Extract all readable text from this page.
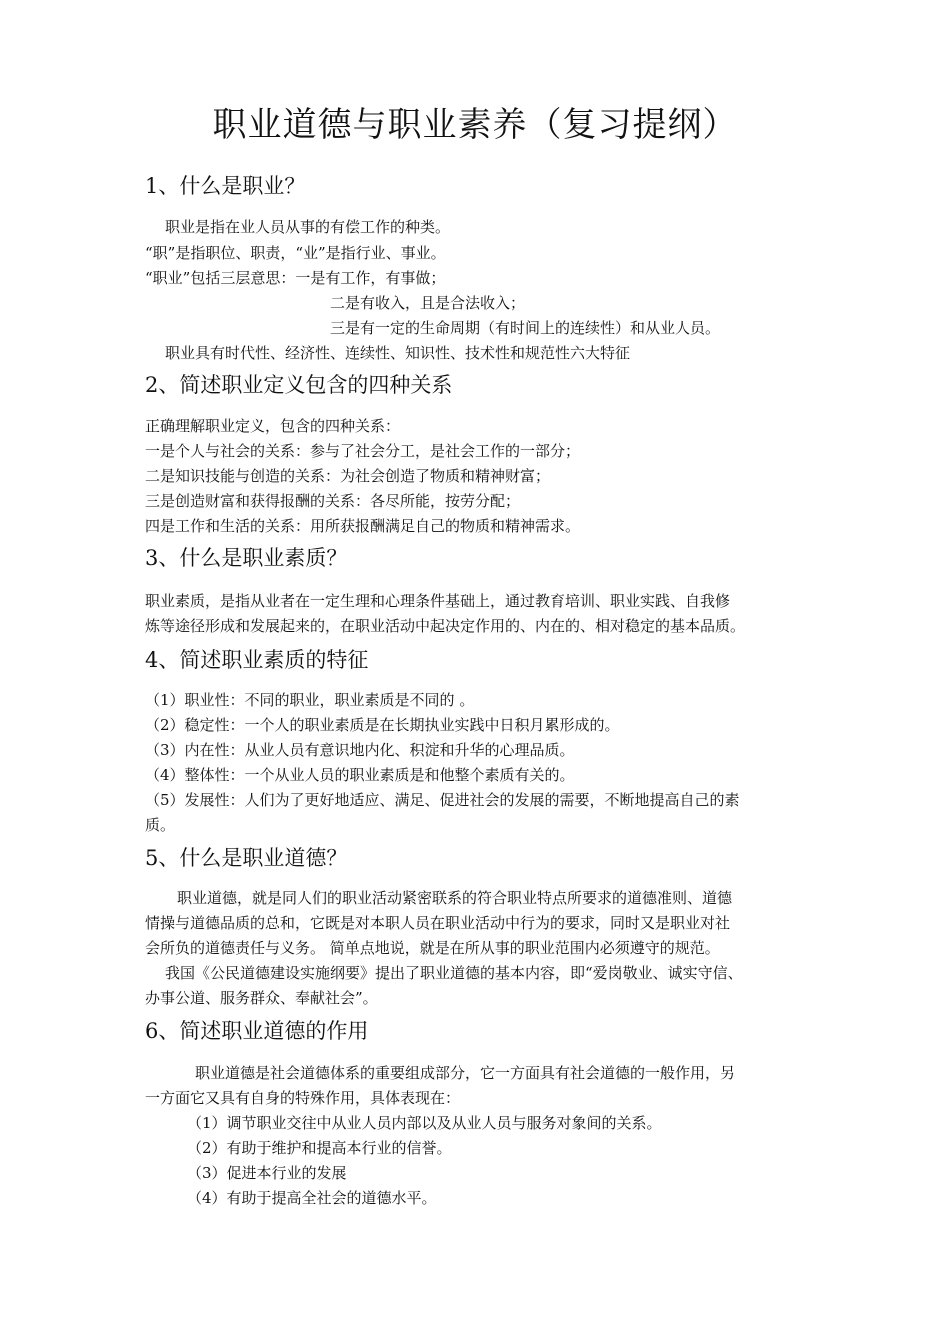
职业道德与职业素养（复习提纲）
1、什么是职业？
职业是指在业人员从事的有偿工作的种类。
“职”是指职位、职责，“业”是指行业、事业。
“职业”包括三层意思：一是有工作，有事做；
二是有收入，且是合法收入；
三是有一定的生命周期（有时间上的连续性）和从业人员。
职业具有时代性、经济性、连续性、知识性、技术性和规范性六大特征
2、简述职业定义包含的四种关系
正确理解职业定义，包含的四种关系：
一是个人与社会的关系：参与了社会分工，是社会工作的一部分；
二是知识技能与创造的关系：为社会创造了物质和精神财富；
三是创造财富和获得报酬的关系：各尽所能，按劳分配；
四是工作和生活的关系：用所获报酬满足自己的物质和精神需求。
3、什么是职业素质？
职业素质，是指从业者在一定生理和心理条件基础上，通过教育培训、职业实践、自我修
炼等途径形成和发展起来的，在职业活动中起决定作用的、内在的、相对稳定的基本品质。
4、简述职业素质的特征
（1）职业性：不同的职业，职业素质是不同的 。
（2）稳定性：一个人的职业素质是在长期执业实践中日积月累形成的。
（3）内在性：从业人员有意识地内化、积淀和升华的心理品质。
（4）整体性：一个从业人员的职业素质是和他整个素质有关的。
（5）发展性：人们为了更好地适应、满足、促进社会的发展的需要，不断地提高自己的素
质。
5、什么是职业道德？
职业道德，就是同人们的职业活动紧密联系的符合职业特点所要求的道德准则、道德
情操与道德品质的总和，它既是对本职人员在职业活动中行为的要求，同时又是职业对社
会所负的道德责任与义务。 简单点地说，就是在所从事的职业范围内必须遵守的规范。
我国《公民道德建设实施纲要》提出了职业道德的基本内容，即“爱岗敬业、诚实守信、
办事公道、服务群众、奉献社会”。
6、简述职业道德的作用
职业道德是社会道德体系的重要组成部分，它一方面具有社会道德的一般作用，另
一方面它又具有自身的特殊作用，具体表现在：
（1）调节职业交往中从业人员内部以及从业人员与服务对象间的关系。
（2）有助于维护和提高本行业的信誉。
（3）促进本行业的发展
（4）有助于提高全社会的道德水平。
